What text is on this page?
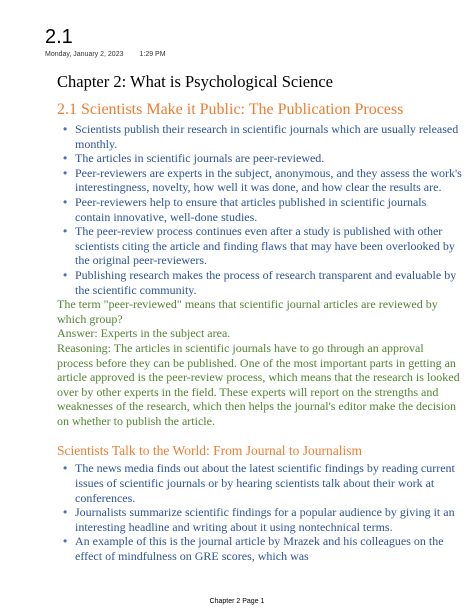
2.1
Monday, January 2, 2023 1:29 PM
Chapter 2: What is Psychological Science
2.1 Scientists Make it Public: The Publication Process
• Scientists publish their research in scientific journals which are usually released monthly.
• The articles in scientific journals are peer-reviewed.
• Peer-reviewers are experts in the subject, anonymous, and they assess the work's interestingness, novelty, how well it was done, and how clear the results are.
• Peer-reviewers help to ensure that articles published in scientific journals contain innovative, well-done studies.
• The peer-review process continues even after a study is published with other scientists citing the article and finding flaws that may have been overlooked by the original peer-reviewers.
• Publishing research makes the process of research transparent and evaluable by the scientific community.

The term "peer-reviewed" means that scientific journal articles are reviewed by which group?

Answer: Experts in the subject area.

Reasoning: The articles in scientific journals have to go through an approval process before they can be published. One of the most important parts in getting an article approved is the peer-review process, which means that the research is looked over by other experts in the field. These experts will report on the strengths and weaknesses of the research, which then helps the journal's editor make the decision on whether to publish the article.

Scientists Talk to the World: From Journal to Journalism
• The news media finds out about the latest scientific findings by reading current issues of scientific journals or by hearing scientists talk about their work at conferences.
• Journalists summarize scientific findings for a popular audience by giving it an interesting headline and writing about it using nontechnical terms.
• An example of this is the journal article by Mrazek and his colleagues on the effect of mindfulness on GRE scores, which was
Chapter 2 Page 1
